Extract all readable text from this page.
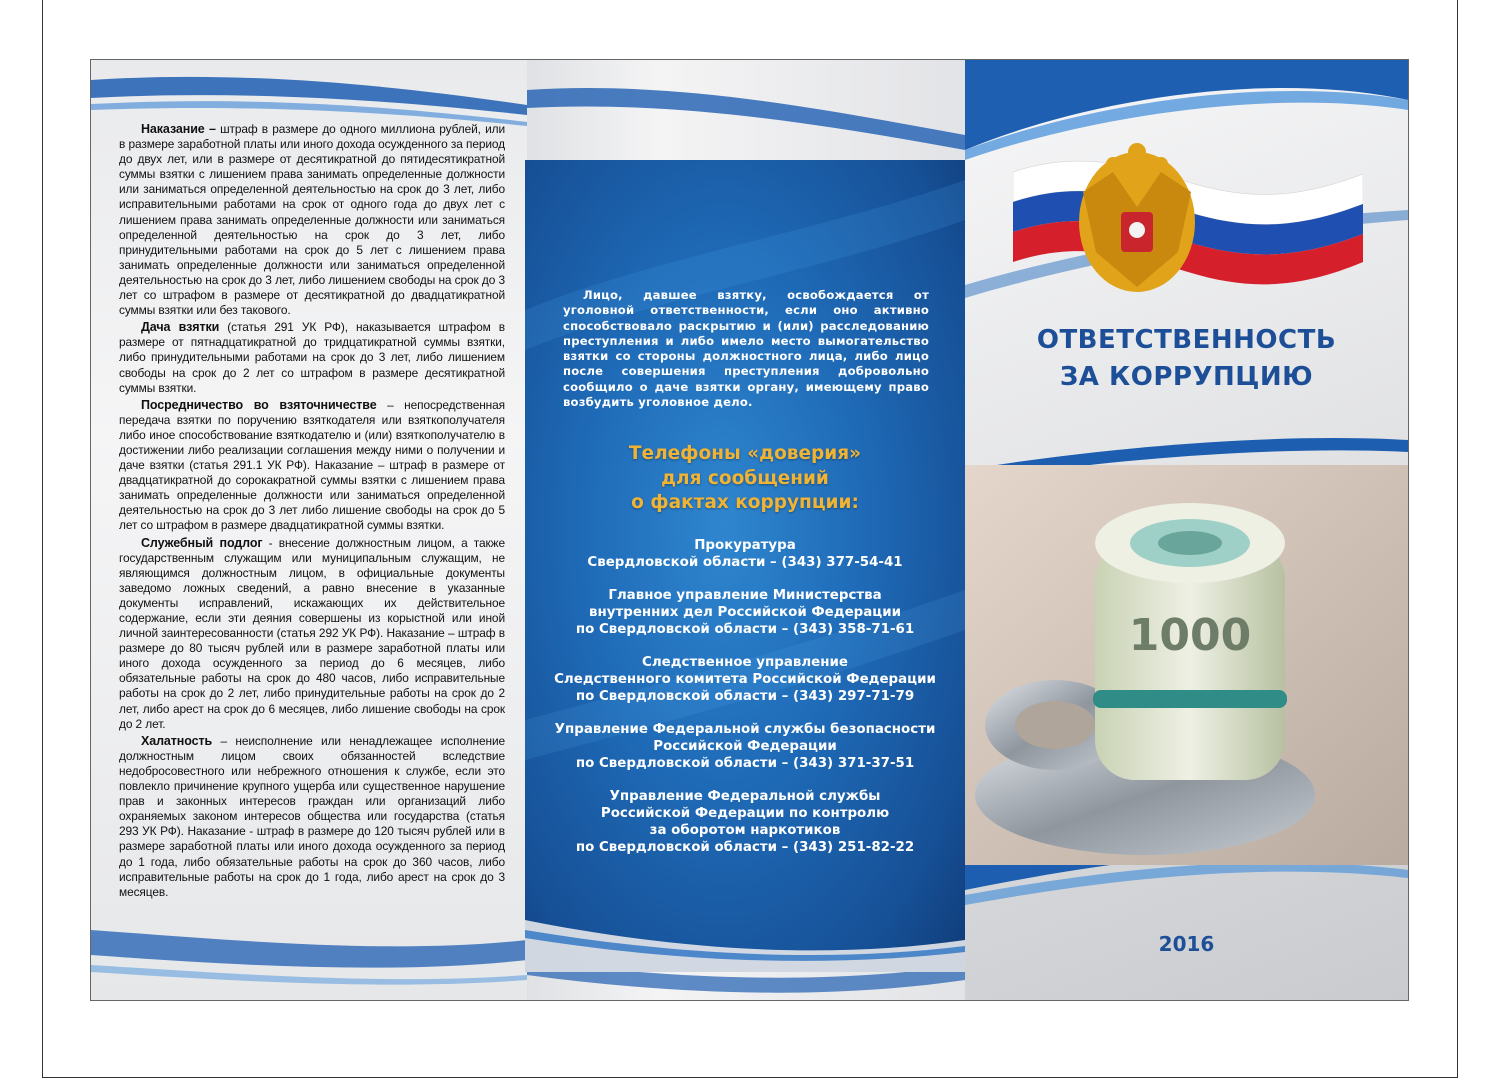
Наказание – штраф в размере до одного миллиона рублей, или в размере заработной платы или иного дохода осужденного за период до двух лет, или в размере от десятикратной до пятидесятикратной суммы взятки с лишением права занимать определенные должности или заниматься определенной деятельностью на срок до 3 лет, либо исправительными работами на срок от одного года до двух лет с лишением права занимать определенные должности или заниматься определенной деятельностью на срок до 3 лет, либо принудительными работами на срок до 5 лет с лишением права занимать определенные должности или заниматься определенной деятельностью на срок до 3 лет, либо лишением свободы на срок до 3 лет со штрафом в размере от десятикратной до двадцатикратной суммы взятки или без такового.

Дача взятки (статья 291 УК РФ), наказывается штрафом в размере от пятнадцатикратной до тридцатикратной суммы взятки, либо принудительными работами на срок до 3 лет, либо лишением свободы на срок до 2 лет со штрафом в размере десятикратной суммы взятки.

Посредничество во взяточничестве – непосредственная передача взятки по поручению взяткодателя или взяткополучателя либо иное способствование взяткодателю и (или) взяткополучателю в достижении либо реализации соглашения между ними о получении и даче взятки (статья 291.1 УК РФ). Наказание – штраф в размере от двадцатикратной до сорокакратной суммы взятки с лишением права занимать определенные должности или заниматься определенной деятельностью на срок до 3 лет либо лишение свободы на срок до 5 лет со штрафом в размере двадцатикратной суммы взятки.

Служебный подлог - внесение должностным лицом, а также государственным служащим или муниципальным служащим, не являющимся должностным лицом, в официальные документы заведомо ложных сведений, а равно внесение в указанные документы исправлений, искажающих их действительное содержание, если эти деяния совершены из корыстной или иной личной заинтересованности (статья 292 УК РФ). Наказание – штраф в размере до 80 тысяч рублей или в размере заработной платы или иного дохода осужденного за период до 6 месяцев, либо обязательные работы на срок до 480 часов, либо исправительные работы на срок до 2 лет, либо принудительные работы на срок до 2 лет, либо арест на срок до 6 месяцев, либо лишение свободы на срок до 2 лет.

Халатность – неисполнение или ненадлежащее исполнение должностным лицом своих обязанностей вследствие недобросовестного или небрежного отношения к службе, если это повлекло причинение крупного ущерба или существенное нарушение прав и законных интересов граждан или организаций либо охраняемых законом интересов общества или государства (статья 293 УК РФ). Наказание - штраф в размере до 120 тысяч рублей или в размере заработной платы или иного дохода осужденного за период до 1 года, либо обязательные работы на срок до 360 часов, либо исправительные работы на срок до 1 года, либо арест на срок до 3 месяцев.

Лицо, давшее взятку, освобождается от уголовной ответственности, если оно активно способствовало раскрытию и (или) расследованию преступления и либо имело место вымогательство взятки со стороны должностного лица, либо лицо после совершения преступления добровольно сообщило о даче взятки органу, имеющему право возбудить уголовное дело.
Телефоны «доверия»
для сообщений
о фактах коррупции:
Прокуратура
Свердловской области – (343) 377-54-41
Главное управление Министерства
внутренних дел Российской Федерации
по Свердловской области – (343) 358-71-61
Следственное управление
Следственного комитета Российской Федерации
по Свердловской области – (343) 297-71-79
Управление Федеральной службы безопасности
Российской Федерации
по Свердловской области – (343) 371-37-51
Управление Федеральной службы
Российской Федерации по контролю
за оборотом наркотиков
по Свердловской области – (343) 251-82-22
ОТВЕТСТВЕННОСТЬ
ЗА КОРРУПЦИЮ
1000
2016
